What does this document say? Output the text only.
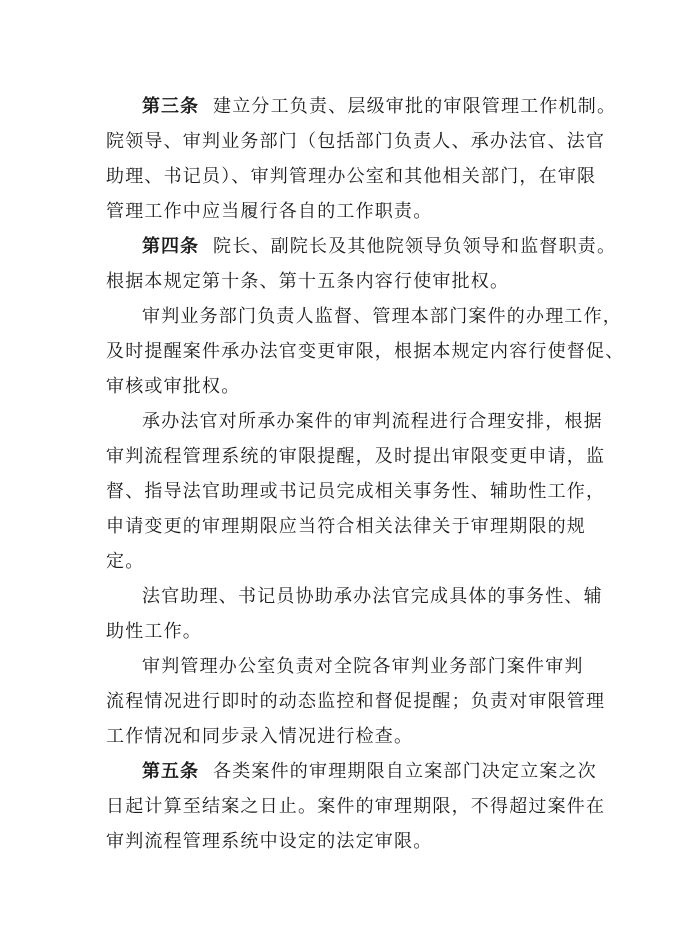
第三条 建立分工负责、层级审批的审限管理工作机制。
院领导、审判业务部门（包括部门负责人、承办法官、法官
助理、书记员）、审判管理办公室和其他相关部门，在审限
管理工作中应当履行各自的工作职责。
第四条 院长、副院长及其他院领导负领导和监督职责。
根据本规定第十条、第十五条内容行使审批权。
审判业务部门负责人监督、管理本部门案件的办理工作，
及时提醒案件承办法官变更审限，根据本规定内容行使督促、
审核或审批权。
承办法官对所承办案件的审判流程进行合理安排，根据
审判流程管理系统的审限提醒，及时提出审限变更申请，监
督、指导法官助理或书记员完成相关事务性、辅助性工作，
申请变更的审理期限应当符合相关法律关于审理期限的规
定。
法官助理、书记员协助承办法官完成具体的事务性、辅
助性工作。
审判管理办公室负责对全院各审判业务部门案件审判
流程情况进行即时的动态监控和督促提醒；负责对审限管理
工作情况和同步录入情况进行检查。
第五条 各类案件的审理期限自立案部门决定立案之次
日起计算至结案之日止。案件的审理期限，不得超过案件在
审判流程管理系统中设定的法定审限。
